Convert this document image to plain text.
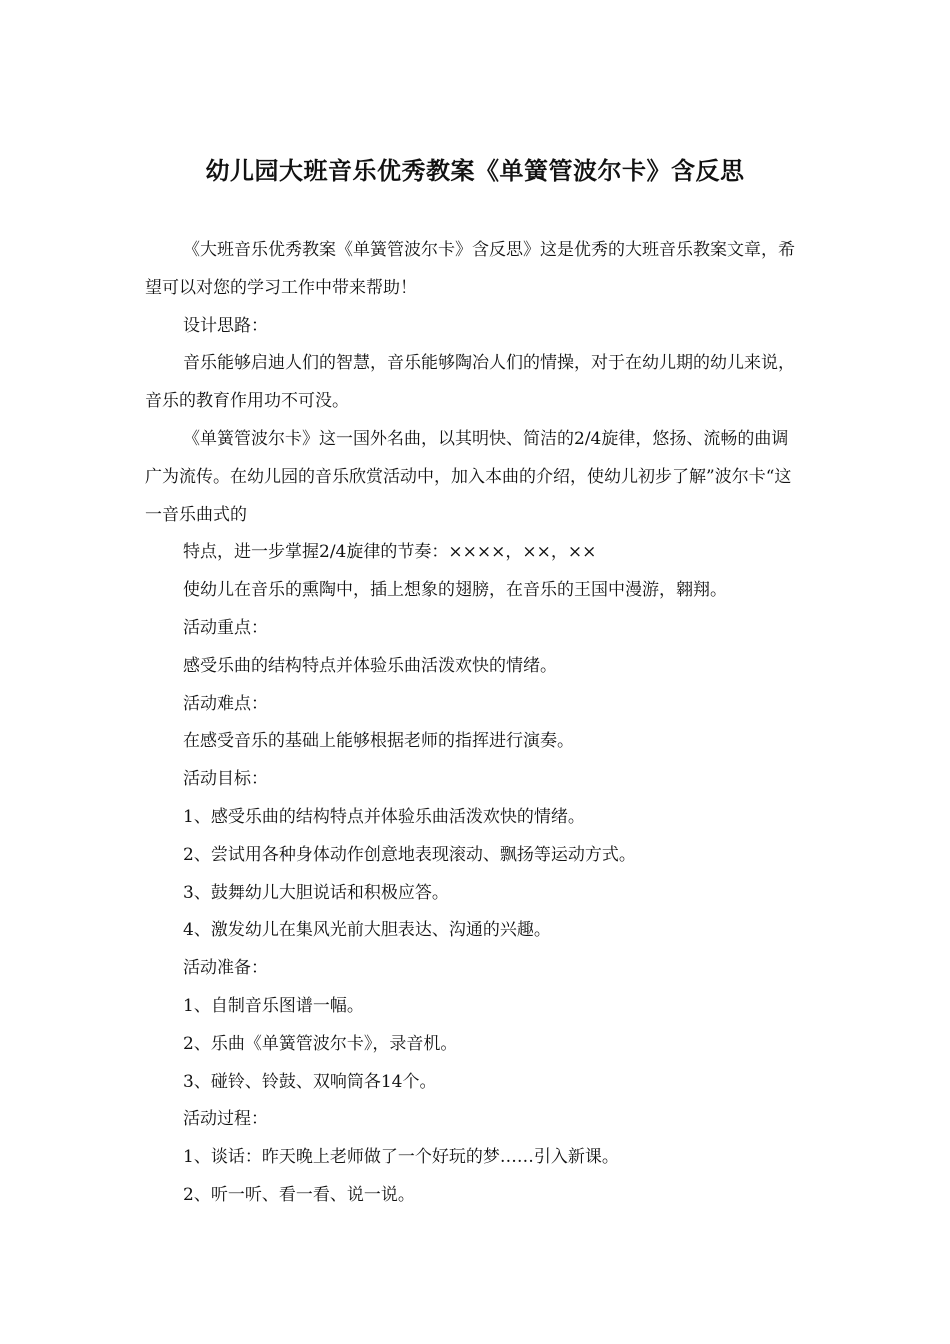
幼儿园大班音乐优秀教案《单簧管波尔卡》含反思

《大班音乐优秀教案《单簧管波尔卡》含反思》这是优秀的大班音乐教案文章，希望可以对您的学习工作中带来帮助！

设计思路：

音乐能够启迪人们的智慧，音乐能够陶冶人们的情操，对于在幼儿期的幼儿来说，音乐的教育作用功不可没。

《单簧管波尔卡》这一国外名曲，以其明快、简洁的2/4旋律，悠扬、流畅的曲调广为流传。在幼儿园的音乐欣赏活动中，加入本曲的介绍，使幼儿初步了解”波尔卡“这一音乐曲式的

特点，进一步掌握2/4旋律的节奏：××××，××，××

使幼儿在音乐的熏陶中，插上想象的翅膀，在音乐的王国中漫游，翱翔。

活动重点：

感受乐曲的结构特点并体验乐曲活泼欢快的情绪。

活动难点：

在感受音乐的基础上能够根据老师的指挥进行演奏。

活动目标：

1、感受乐曲的结构特点并体验乐曲活泼欢快的情绪。

2、尝试用各种身体动作创意地表现滚动、飘扬等运动方式。

3、鼓舞幼儿大胆说话和积极应答。

4、激发幼儿在集风光前大胆表达、沟通的兴趣。

活动准备：

1、自制音乐图谱一幅。

2、乐曲《单簧管波尔卡》，录音机。

3、碰铃、铃鼓、双响筒各14个。

活动过程：

1、谈话：昨天晚上老师做了一个好玩的梦……引入新课。

2、听一听、看一看、说一说。
